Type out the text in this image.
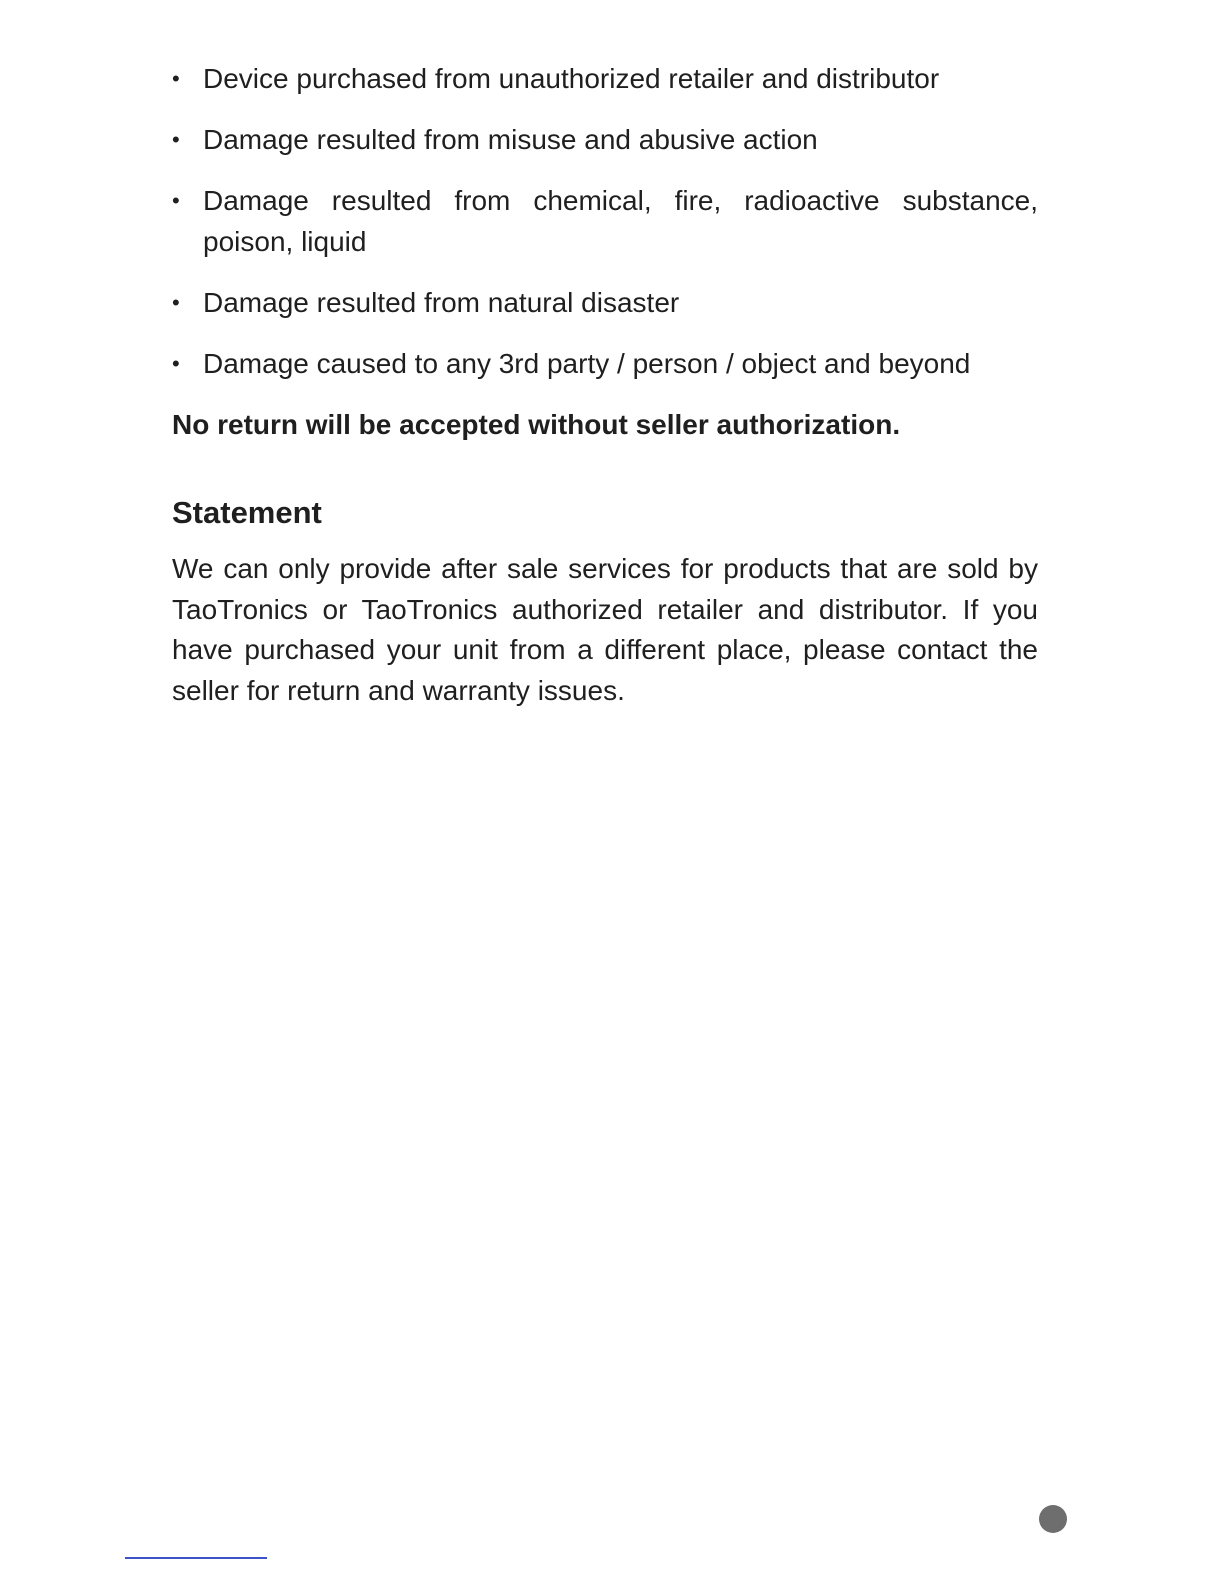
• Device purchased from unauthorized retailer and distributor
• Damage resulted from misuse and abusive action
• Damage resulted from chemical, fire, radioactive substance, poison, liquid
• Damage resulted from natural disaster
• Damage caused to any 3rd party / person / object and beyond

No return will be accepted without seller authorization.

Statement

We can only provide after sale services for products that are sold by TaoTronics or TaoTronics authorized retailer and distributor. If you have purchased your unit from a different place, please contact the seller for return and warranty issues.
